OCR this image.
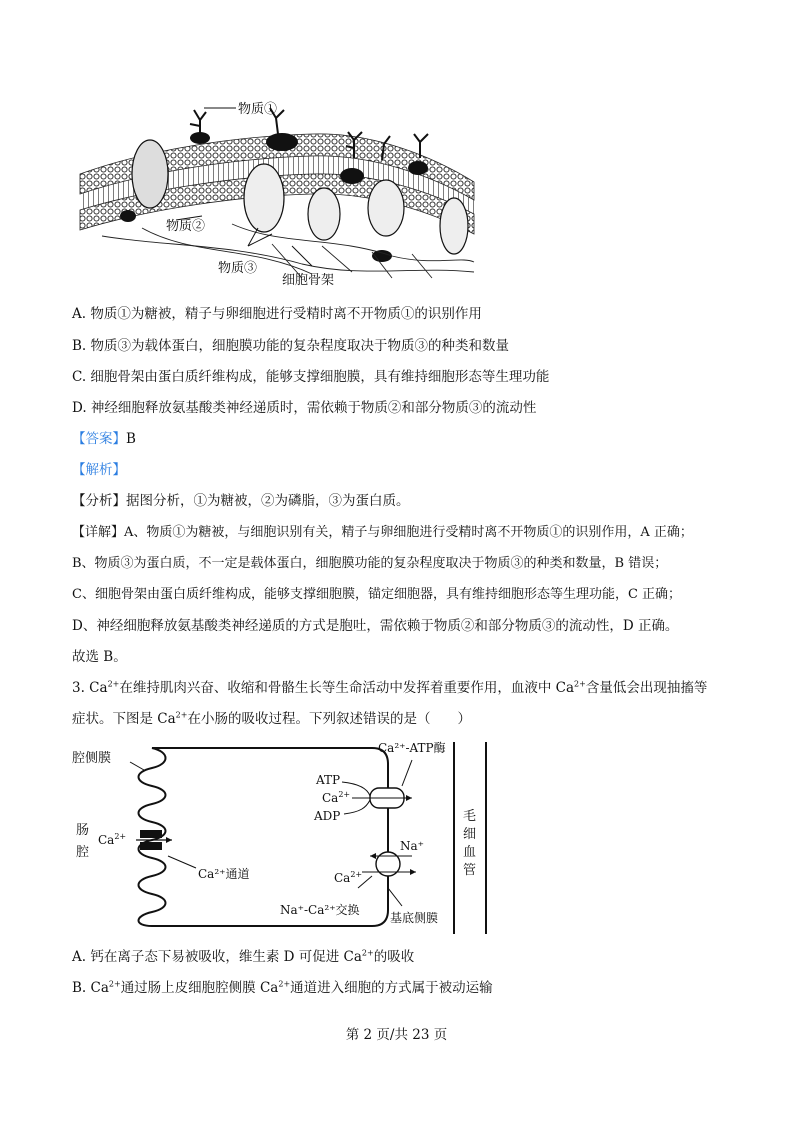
物质①
物质②
物质③
细胞骨架
A. 物质①为糖被，精子与卵细胞进行受精时离不开物质①的识别作用
B. 物质③为载体蛋白，细胞膜功能的复杂程度取决于物质③的种类和数量
C. 细胞骨架由蛋白质纤维构成，能够支撑细胞膜，具有维持细胞形态等生理功能
D. 神经细胞释放氨基酸类神经递质时，需依赖于物质②和部分物质③的流动性
【答案】B
【解析】
【分析】据图分析，①为糖被，②为磷脂，③为蛋白质。
【详解】A、物质①为糖被，与细胞识别有关，精子与卵细胞进行受精时离不开物质①的识别作用，A 正确；
B、物质③为蛋白质，不一定是载体蛋白，细胞膜功能的复杂程度取决于物质③的种类和数量，B 错误；
C、细胞骨架由蛋白质纤维构成，能够支撑细胞膜，锚定细胞器，具有维持细胞形态等生理功能，C 正确；
D、神经细胞释放氨基酸类神经递质的方式是胞吐，需依赖于物质②和部分物质③的流动性，D 正确。
故选 B。
3. $Ca^{2+}$在维持肌肉兴奋、收缩和骨骼生长等生命活动中发挥着重要作用，血液中 $Ca^{2+}$含量低会出现抽搐等
症状。下图是 $Ca^{2+}$在小肠的吸收过程。下列叙述错误的是（　　）
腔侧膜
肠
腔
$Ca^{2+}$
Ca²⁺通道
Ca²⁺-ATP酶
ATP
$Ca^{2+}$
ADP
Na⁺
$Ca^{2+}$
Na⁺-Ca²⁺交换
基底侧膜
毛
细
血
管
A. 钙在离子态下易被吸收，维生素 D 可促进 $Ca^{2+}$的吸收
B. $Ca^{2+}$通过肠上皮细胞腔侧膜 $Ca^{2+}$通道进入细胞的方式属于被动运输
第 2 页/共 23 页
